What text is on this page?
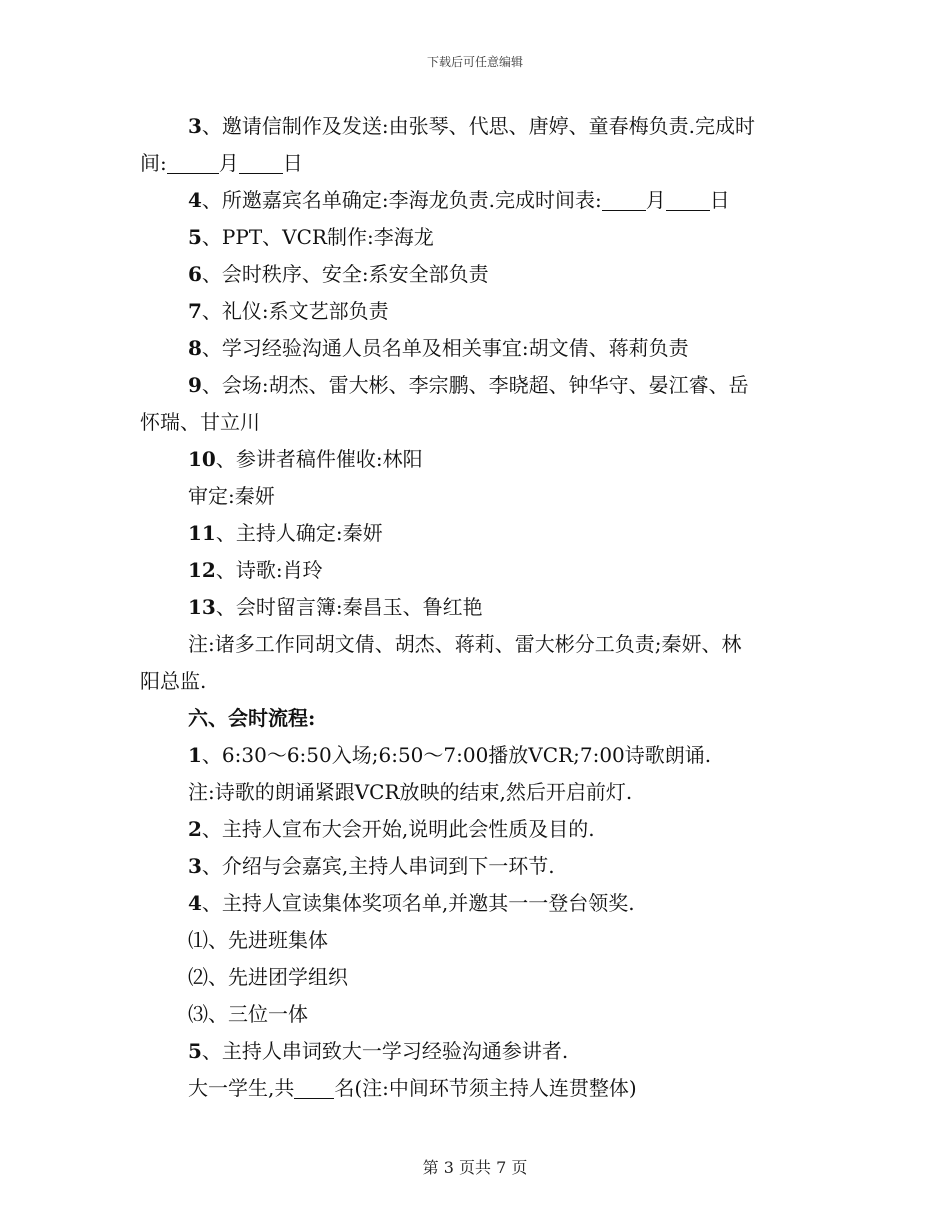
下载后可任意编辑
3、邀请信制作及发送:由张琴、代思、唐婷、童春梅负责.完成时
间:	月 日
4、所邀嘉宾名单确定:李海龙负责.完成时间表: 月 日
5、PPT、VCR制作:李海龙
6、会时秩序、安全:系安全部负责
7、礼仪:系文艺部负责
8、学习经验沟通人员名单及相关事宜:胡文倩、蒋莉负责
9、会场:胡杰、雷大彬、李宗鹏、李晓超、钟华守、晏江睿、岳
怀瑞、甘立川
10、参讲者稿件催收:林阳
审定:秦妍
11、主持人确定:秦妍
12、诗歌:肖玲
13、会时留言簿:秦昌玉、鲁红艳
注:诸多工作同胡文倩、胡杰、蒋莉、雷大彬分工负责;秦妍、林
阳总监.
六、会时流程:
1、6:30～6:50入场;6:50～7:00播放VCR;7:00诗歌朗诵.
注:诗歌的朗诵紧跟VCR放映的结束,然后开启前灯.
2、主持人宣布大会开始,说明此会性质及目的.
3、介绍与会嘉宾,主持人串词到下一环节.
4、主持人宣读集体奖项名单,并邀其一一登台领奖.
⑴、先进班集体
⑵、先进团学组织
⑶、三位一体
5、主持人串词致大一学习经验沟通参讲者.
大一学生,共 名(注:中间环节须主持人连贯整体)
第 3 页共 7 页
